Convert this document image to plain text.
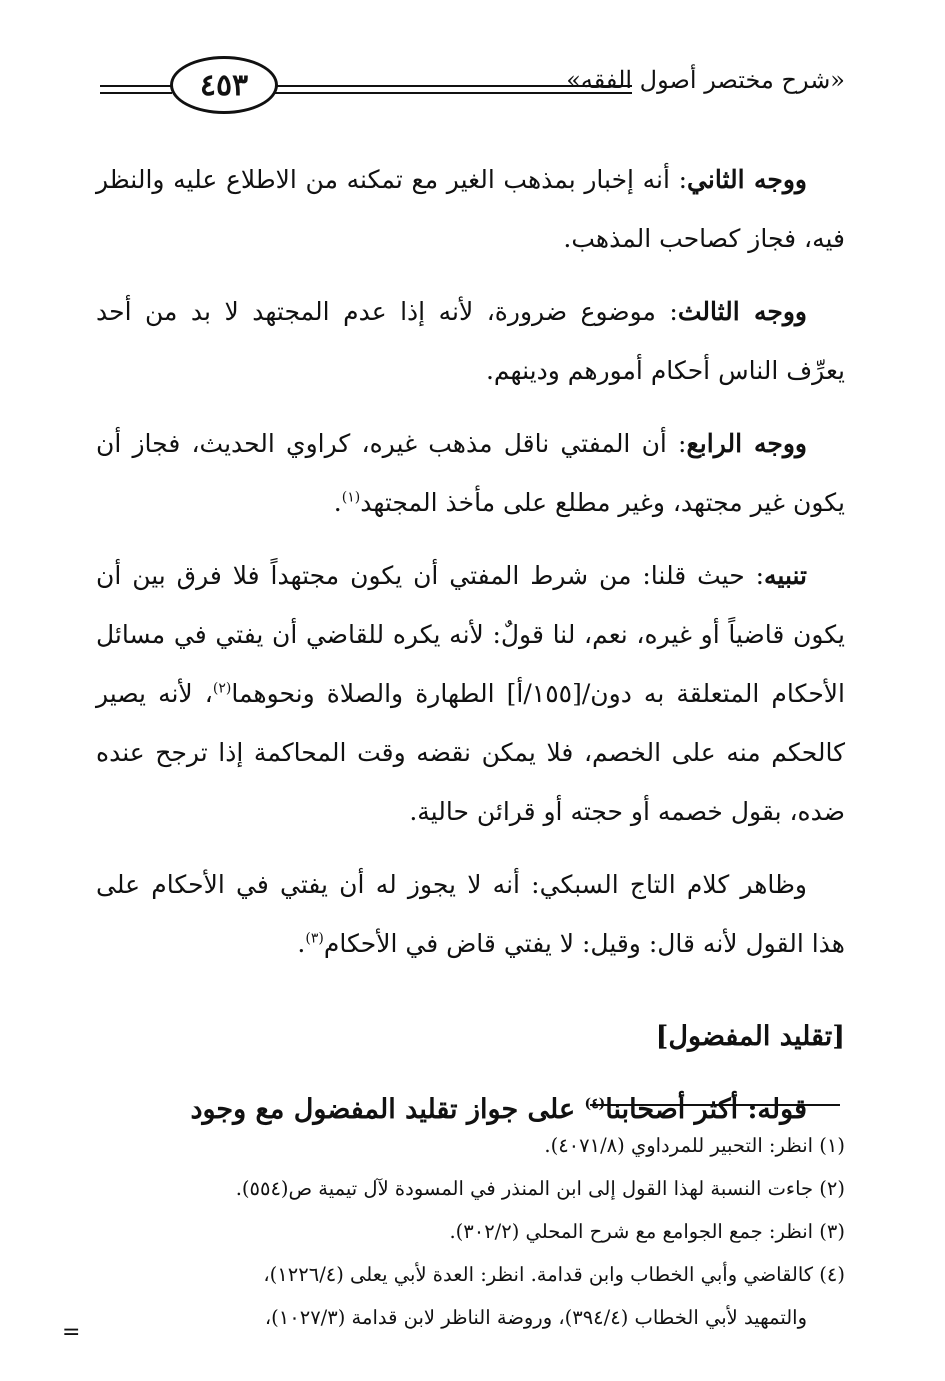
«شرح مختصر أصول الفقه»
٤٥٣

ووجه الثاني: أنه إخبار بمذهب الغير مع تمكنه من الاطلاع عليه والنظر فيه، فجاز كصاحب المذهب.

ووجه الثالث: موضوع ضرورة، لأنه إذا عدم المجتهد لا بد من أحد يعرِّف الناس أحكام أمورهم ودينهم.

ووجه الرابع: أن المفتي ناقل مذهب غيره، كراوي الحديث، فجاز أن يكون غير مجتهد، وغير مطلع على مأخذ المجتهد$^{(١)}$.

تنبيه: حيث قلنا: من شرط المفتي أن يكون مجتهداً فلا فرق بين أن يكون قاضياً أو غيره، نعم، لنا قولٌ: لأنه يكره للقاضي أن يفتي في مسائل الأحكام المتعلقة به دون/[١٥٥/أ] الطهارة والصلاة ونحوهما$^{(٢)}$، لأنه يصير كالحكم منه على الخصم، فلا يمكن نقضه وقت المحاكمة إذا ترجح عنده ضده، بقول خصمه أو حجته أو قرائن حالية.

وظاهر كلام التاج السبكي: أنه لا يجوز له أن يفتي في الأحكام على هذا القول لأنه قال: وقيل: لا يفتي قاض في الأحكام$^{(٣)}$.

[تقليد المفضول]

قوله: أكثر أصحابنا$^{(٤)}$ على جواز تقليد المفضول مع وجود

(١) انظر: التحبير للمرداوي (٤٠٧١/٨).

(٢) جاءت النسبة لهذا القول إلى ابن المنذر في المسودة لآل تيمية ص(٥٥٤).

(٣) انظر: جمع الجوامع مع شرح المحلي (٣٠٢/٢).

(٤) كالقاضي وأبي الخطاب وابن قدامة. انظر: العدة لأبي يعلى (١٢٢٦/٤)،

والتمهيد لأبي الخطاب (٣٩٤/٤)، وروضة الناظر لابن قدامة (١٠٢٧/٣)،

=
